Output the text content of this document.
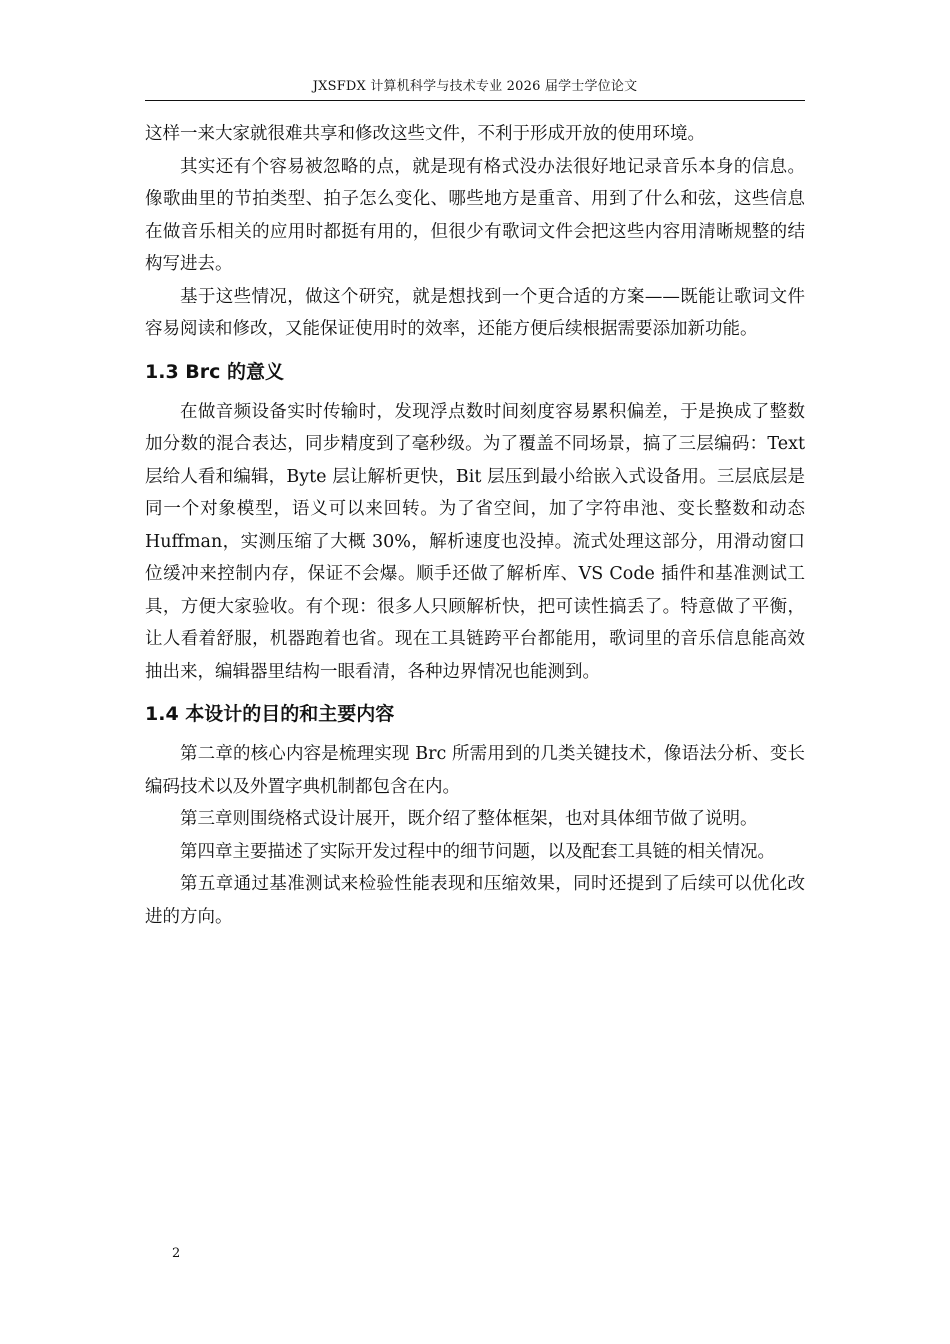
JXSFDX 计算机科学与技术专业 2026 届学士学位论文

这样一来大家就很难共享和修改这些文件，不利于形成开放的使用环境。

其实还有个容易被忽略的点，就是现有格式没办法很好地记录音乐本身的信息。像歌曲里的节拍类型、拍子怎么变化、哪些地方是重音、用到了什么和弦，这些信息在做音乐相关的应用时都挺有用的，但很少有歌词文件会把这些内容用清晰规整的结构写进去。

基于这些情况，做这个研究，就是想找到一个更合适的方案——既能让歌词文件容易阅读和修改，又能保证使用时的效率，还能方便后续根据需要添加新功能。

1.3 Brc 的意义

在做音频设备实时传输时，发现浮点数时间刻度容易累积偏差，于是换成了整数加分数的混合表达，同步精度到了毫秒级。为了覆盖不同场景，搞了三层编码：Text 层给人看和编辑，Byte 层让解析更快，Bit 层压到最小给嵌入式设备用。三层底层是同一个对象模型，语义可以来回转。为了省空间，加了字符串池、变长整数和动态 Huffman，实测压缩了大概 30%，解析速度也没掉。流式处理这部分，用滑动窗口位缓冲来控制内存，保证不会爆。顺手还做了解析库、VS Code 插件和基准测试工具，方便大家验收。有个现：很多人只顾解析快，把可读性搞丢了。特意做了平衡，让人看着舒服，机器跑着也省。现在工具链跨平台都能用，歌词里的音乐信息能高效抽出来，编辑器里结构一眼看清，各种边界情况也能测到。

1.4 本设计的目的和主要内容

第二章的核心内容是梳理实现 Brc 所需用到的几类关键技术，像语法分析、变长编码技术以及外置字典机制都包含在内。

第三章则围绕格式设计展开，既介绍了整体框架，也对具体细节做了说明。

第四章主要描述了实际开发过程中的细节问题，以及配套工具链的相关情况。

第五章通过基准测试来检验性能表现和压缩效果，同时还提到了后续可以优化改进的方向。

2
